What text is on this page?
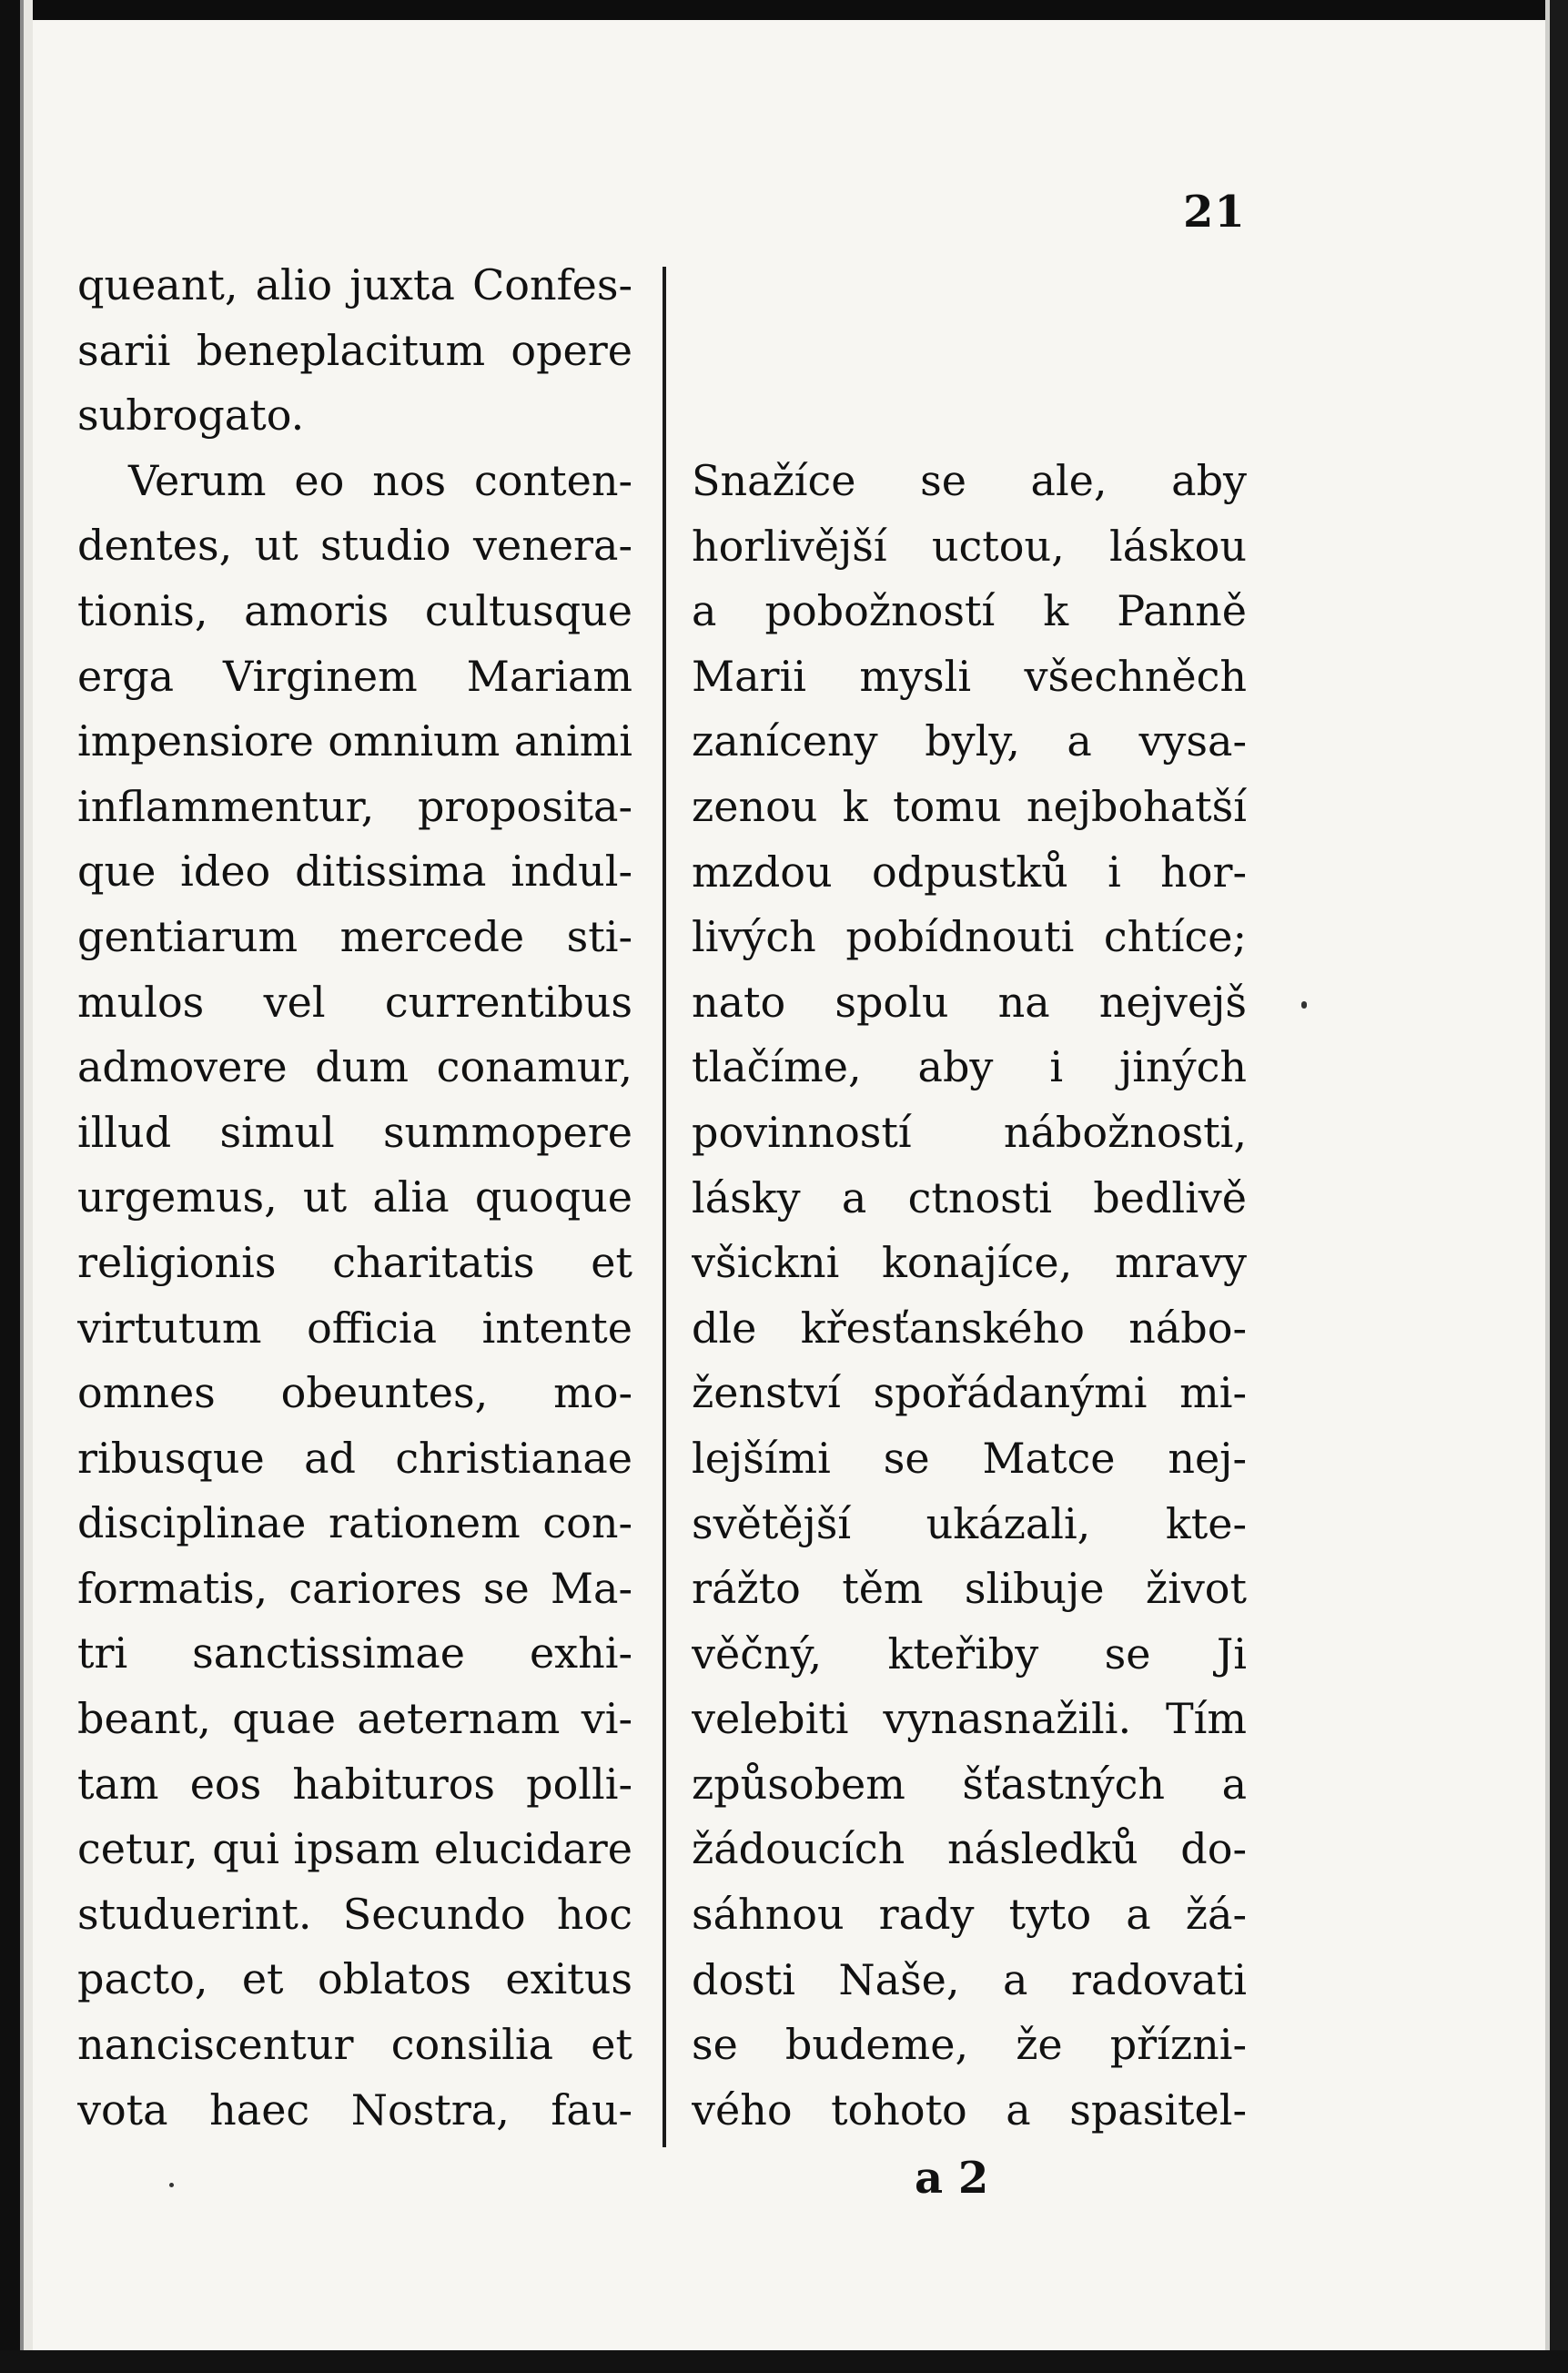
21
queant, alio juxta Confes-
sarii beneplacitum opere
subrogato.
Verum eo nos conten-
dentes, ut studio venera-
tionis, amoris cultusque
erga Virginem Mariam
impensiore omnium animi
inflammentur, proposita-
que ideo ditissima indul-
gentiarum mercede sti-
mulos vel currentibus
admovere dum conamur,
illud simul summopere
urgemus, ut alia quoque
religionis charitatis et
virtutum officia intente
omnes obeuntes, mo-
ribusque ad christianae
disciplinae rationem con-
formatis, cariores se Ma-
tri sanctissimae exhi-
beant, quae aeternam vi-
tam eos habituros polli-
cetur, qui ipsam elucidare
studuerint. Secundo hoc
pacto, et oblatos exitus
nanciscentur consilia et
vota haec Nostra, fau-
Snažíce se ale, aby
horlivější uctou, láskou
a pobožností k Panně
Marii mysli všechněch
zaníceny byly, a vysa-
zenou k tomu nejbohatší
mzdou odpustků i hor-
livých pobídnouti chtíce;
nato spolu na nejvejš
tlačíme, aby i jiných
povinností nábožnosti,
lásky a ctnosti bedlivě
všickni konajíce, mravy
dle křesťanského nábo-
ženství spořádanými mi-
lejšími se Matce nej-
světější ukázali, kte-
rážto těm slibuje život
věčný, kteřiby se Ji
velebiti vynasnažili. Tím
způsobem šťastných a
žádoucích následků do-
sáhnou rady tyto a žá-
dosti Naše, a radovati
se budeme, že přízni-
vého tohoto a spasitel-
a 2
